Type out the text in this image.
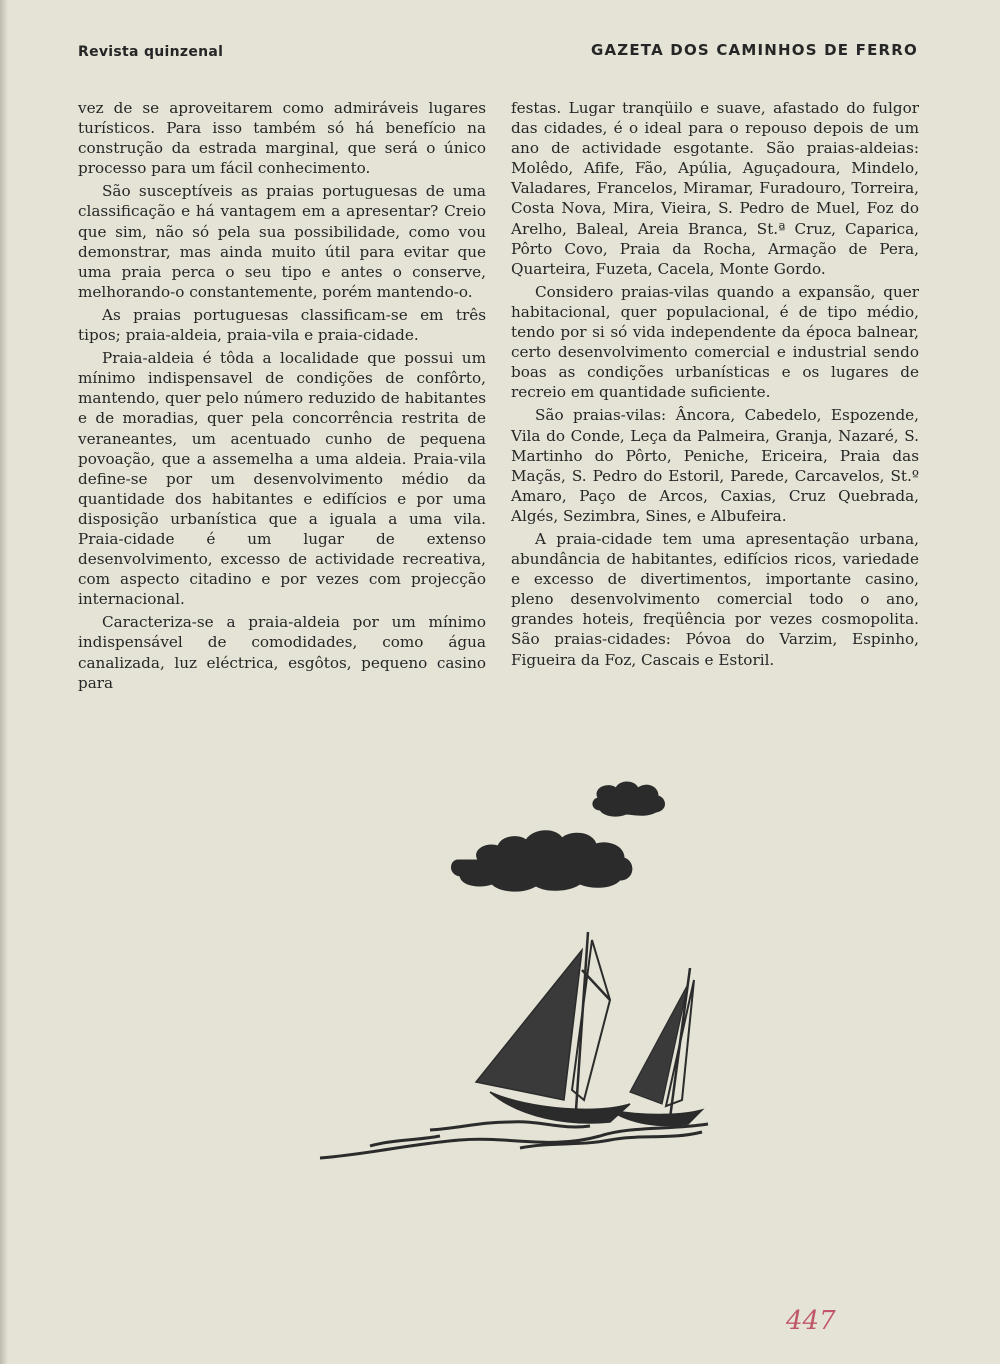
Revista quinzenal	GAZETA DOS CAMINHOS DE FERRO

vez de se aproveitarem como admiráveis lugares turísticos. Para isso também só há benefício na construção da estrada marginal, que será o único processo para um fácil conhecimento.

São susceptíveis as praias portuguesas de uma classificação e há vantagem em a apresentar? Creio que sim, não só pela sua possibilidade, como vou demonstrar, mas ainda muito útil para evitar que uma praia perca o seu tipo e antes o conserve, melhorando-o constantemente, porém mantendo-o.

As praias portuguesas classificam-se em três tipos; praia-aldeia, praia-vila e praia-cidade.

Praia-aldeia é tôda a localidade que possui um mínimo indispensavel de condições de confôrto, mantendo, quer pelo número reduzido de habitantes e de moradias, quer pela concorrência restrita de veraneantes, um acentuado cunho de pequena povoação, que a assemelha a uma aldeia. Praia-vila define-se por um desenvolvimento médio da quantidade dos habitantes e edifícios e por uma disposição urbanística que a iguala a uma vila. Praia-cidade é um lugar de extenso desenvolvimento, excesso de actividade recreativa, com aspecto citadino e por vezes com projecção internacional.

Caracteriza-se a praia-aldeia por um mínimo indispensável de comodidades, como água canalizada, luz eléctrica, esgôtos, pequeno casino para

festas. Lugar tranqüilo e suave, afastado do fulgor das cidades, é o ideal para o repouso depois de um ano de actividade esgotante. São praias-aldeias: Molêdo, Afife, Fão, Apúlia, Aguçadoura, Mindelo, Valadares, Francelos, Miramar, Furadouro, Torreira, Costa Nova, Mira, Vieira, S. Pedro de Muel, Foz do Arelho, Baleal, Areia Branca, St.ª Cruz, Caparica, Pôrto Covo, Praia da Rocha, Armação de Pera, Quarteira, Fuzeta, Cacela, Monte Gordo.

Considero praias-vilas quando a expansão, quer habitacional, quer populacional, é de tipo médio, tendo por si só vida independente da época balnear, certo desenvolvimento comercial e industrial sendo boas as condições urbanísticas e os lugares de recreio em quantidade suficiente.

São praias-vilas: Âncora, Cabedelo, Espozende, Vila do Conde, Leça da Palmeira, Granja, Nazaré, S. Martinho do Pôrto, Peniche, Ericeira, Praia das Maçãs, S. Pedro do Estoril, Parede, Carcavelos, St.º Amaro, Paço de Arcos, Caxias, Cruz Quebrada, Algés, Sezimbra, Sines, e Albufeira.

A praia-cidade tem uma apresentação urbana, abundância de habitantes, edifícios ricos, variedade e excesso de divertimentos, importante casino, pleno desenvolvimento comercial todo o ano, grandes hoteis, freqüência por vezes cosmopolita. São praias-cidades: Póvoa do Varzim, Espinho, Figueira da Foz, Cascais e Estoril.

447
